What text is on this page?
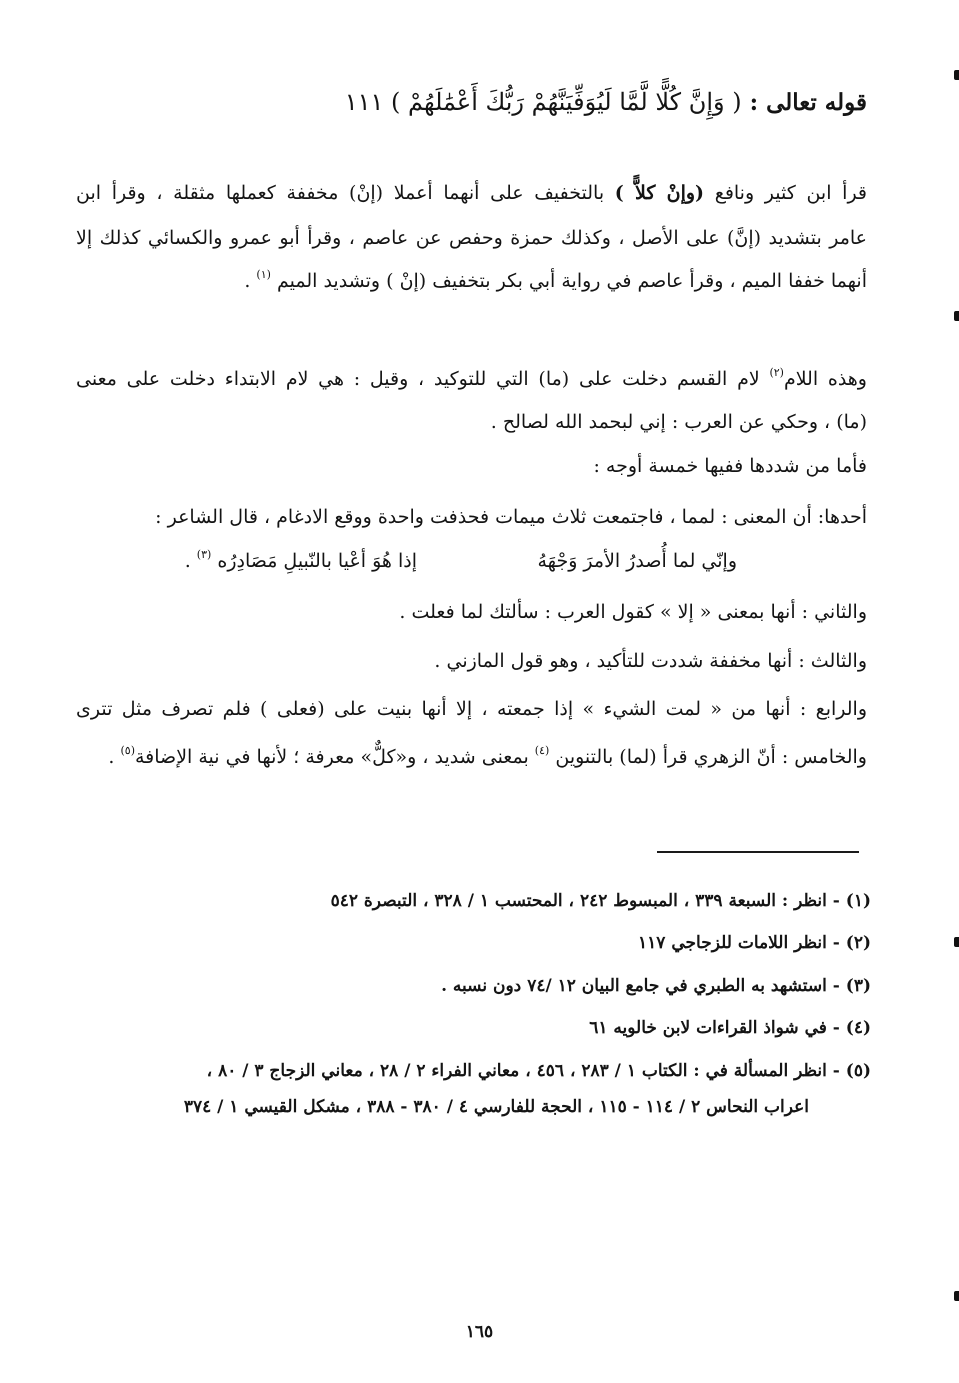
قوله تعالى : ( وَإِنَّ كُلًّا لَّمَّا لَيُوَفِّيَنَّهُمْ رَبُّكَ أَعْمَٰلَهُمْ ) ١١١
قرأ ابن كثير ونافع (وإنْ كلاًّ ) بالتخفيف على أنهما أعملا (إنْ) مخففة كعملها مثقلة ، وقرأ ابن
عامر بتشديد (إنَّ) على الأصل ، وكذلك حمزة وحفص عن عاصم ، وقرأ أبو عمرو والكسائي كذلك إلا
أنهما خففا الميم ، وقرأ عاصم في رواية أبي بكر بتخفيف (إنْ ) وتشديد الميم $^{(١)}$ .
وهذه اللام$^{(٢)}$ لام القسم دخلت على (ما) التي للتوكيد ، وقيل : هي لام الابتداء دخلت على معنى
(ما) ، وحكي عن العرب : إني لبحمد الله لصالح .
فأما من شددها ففيها خمسة أوجه :
أحدها: أن المعنى : لمما ، فاجتمعت ثلاث ميمات فحذفت واحدة ووقع الادغام ، قال الشاعر :
وإنّي لما أُصدرُ الأمرَ وَجْهَهُ
إذا هُوَ أعْيا بالنّبيلِ مَصَادِرُه $^{(٣)}$ .
والثاني : أنها بمعنى « إلا » كقول العرب : سألتك لما فعلت .
والثالث : أنها مخففة شددت للتأكيد ، وهو قول المازني .
والرابع : أنها من « لمت الشيء » إذا جمعته ، إلا أنها بنيت على (فعلى ) فلم تصرف مثل تترى
والخامس : أنّ الزهري قرأ (لما) بالتنوين $^{(٤)}$ بمعنى شديد ، و«كلٌّ» معرفة ؛ لأنها في نية الإضافة$^{(٥)}$ .
(١) - انظر : السبعة ٣٣٩ ، المبسوط ٢٤٢ ، المحتسب ١ / ٣٢٨ ، التبصرة ٥٤٢
(٢) - انظر اللامات للزجاجي ١١٧
(٣) - استشهد به الطبري في جامع البيان ١٢ /٧٤ دون نسبه .
(٤) - في شواذ القراءات لابن خالويه ٦١
(٥) - انظر المسألة في : الكتاب ١ / ٢٨٣ ، ٤٥٦ ، معاني الفراء ٢ / ٢٨ ، معاني الزجاج ٣ / ٨٠ ،
اعراب النحاس ٢ / ١١٤ - ١١٥ ، الحجة للفارسي ٤ / ٣٨٠ - ٣٨٨ ، مشكل القيسي ١ / ٣٧٤
١٦٥
